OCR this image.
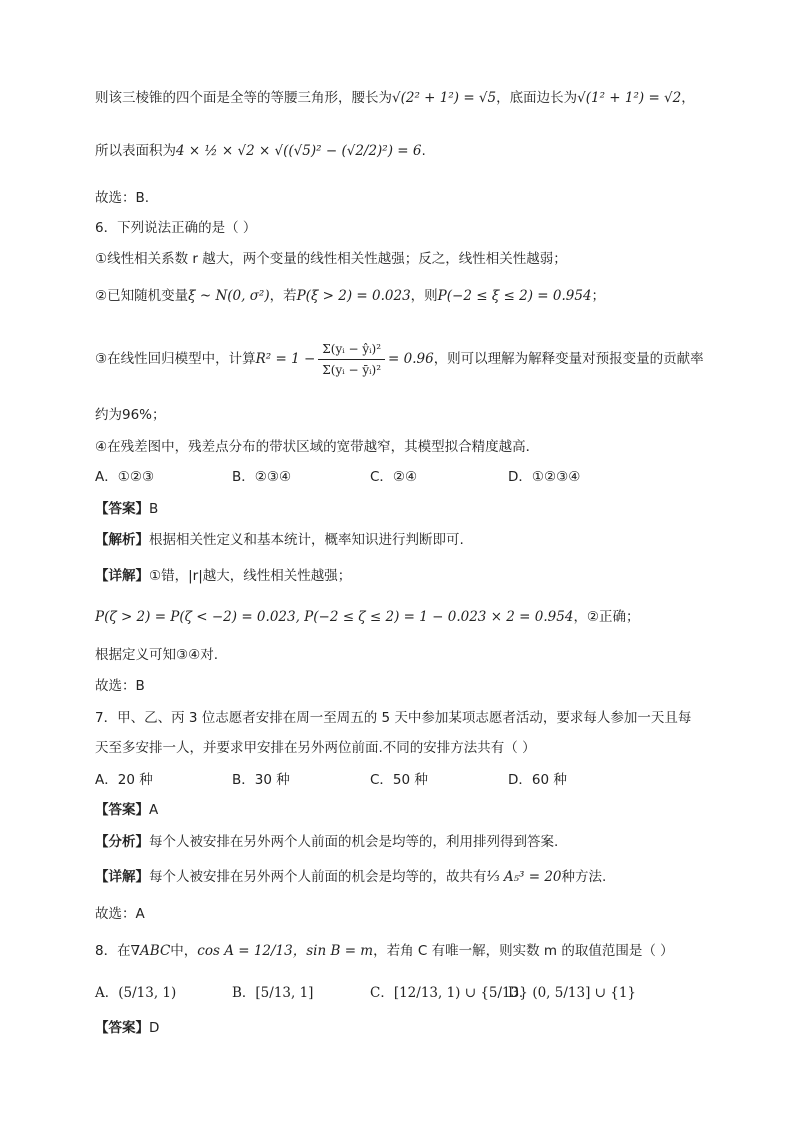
则该三棱锥的四个面是全等的等腰三角形，腰长为√(2² + 1²) = √5，底面边长为√(1² + 1²) = √2，
所以表面积为4 × ½ × √2 × √((√5)² − (√2/2)²) = 6.
故选：B.
6．下列说法正确的是（ ）
①线性相关系数 r 越大，两个变量的线性相关性越强；反之，线性相关性越弱；
②已知随机变量ξ ~ N(0, σ²)，若P(ξ > 2) = 0.023，则P(−2 ≤ ξ ≤ 2) = 0.954；
③在线性回归模型中，计算$R^2 = 1 - \frac{\text{Σ(yᵢ − ŷᵢ)²}}{\text{Σ(yᵢ − ȳᵢ)²}} = 0.96$，则可以理解为解释变量对预报变量的贡献率
约为96%；
④在残差图中，残差点分布的带状区域的宽带越窄，其模型拟合精度越高．
A．①②③	B．②③④	C．②④	D．①②③④
【答案】B
【解析】根据相关性定义和基本统计，概率知识进行判断即可.
【详解】①错，|r|越大，线性相关性越强；
P(ζ > 2) = P(ζ < −2) = 0.023, P(−2 ≤ ζ ≤ 2) = 1 − 0.023 × 2 = 0.954，②正确；
根据定义可知③④对.
故选：B
7．甲、乙、丙 3 位志愿者安排在周一至周五的 5 天中参加某项志愿者活动，要求每人参加一天且每
天至多安排一人，并要求甲安排在另外两位前面.不同的安排方法共有（ ）
A．20 种	B．30 种	C．50 种	D．60 种
【答案】A
【分析】每个人被安排在另外两个人前面的机会是均等的，利用排列得到答案.
【详解】每个人被安排在另外两个人前面的机会是均等的，故共有⅓ A₅³ = 20种方法.
故选：A
8．在∇ABC中，cos A = 12/13，sin B = m，若角 C 有唯一解，则实数 m 的取值范围是（ ）
A．(5/13, 1)	B．[5/13, 1]	C．[12/13, 1) ∪ {5/13}
D．(0, 5/13] ∪ {1}
【答案】D
